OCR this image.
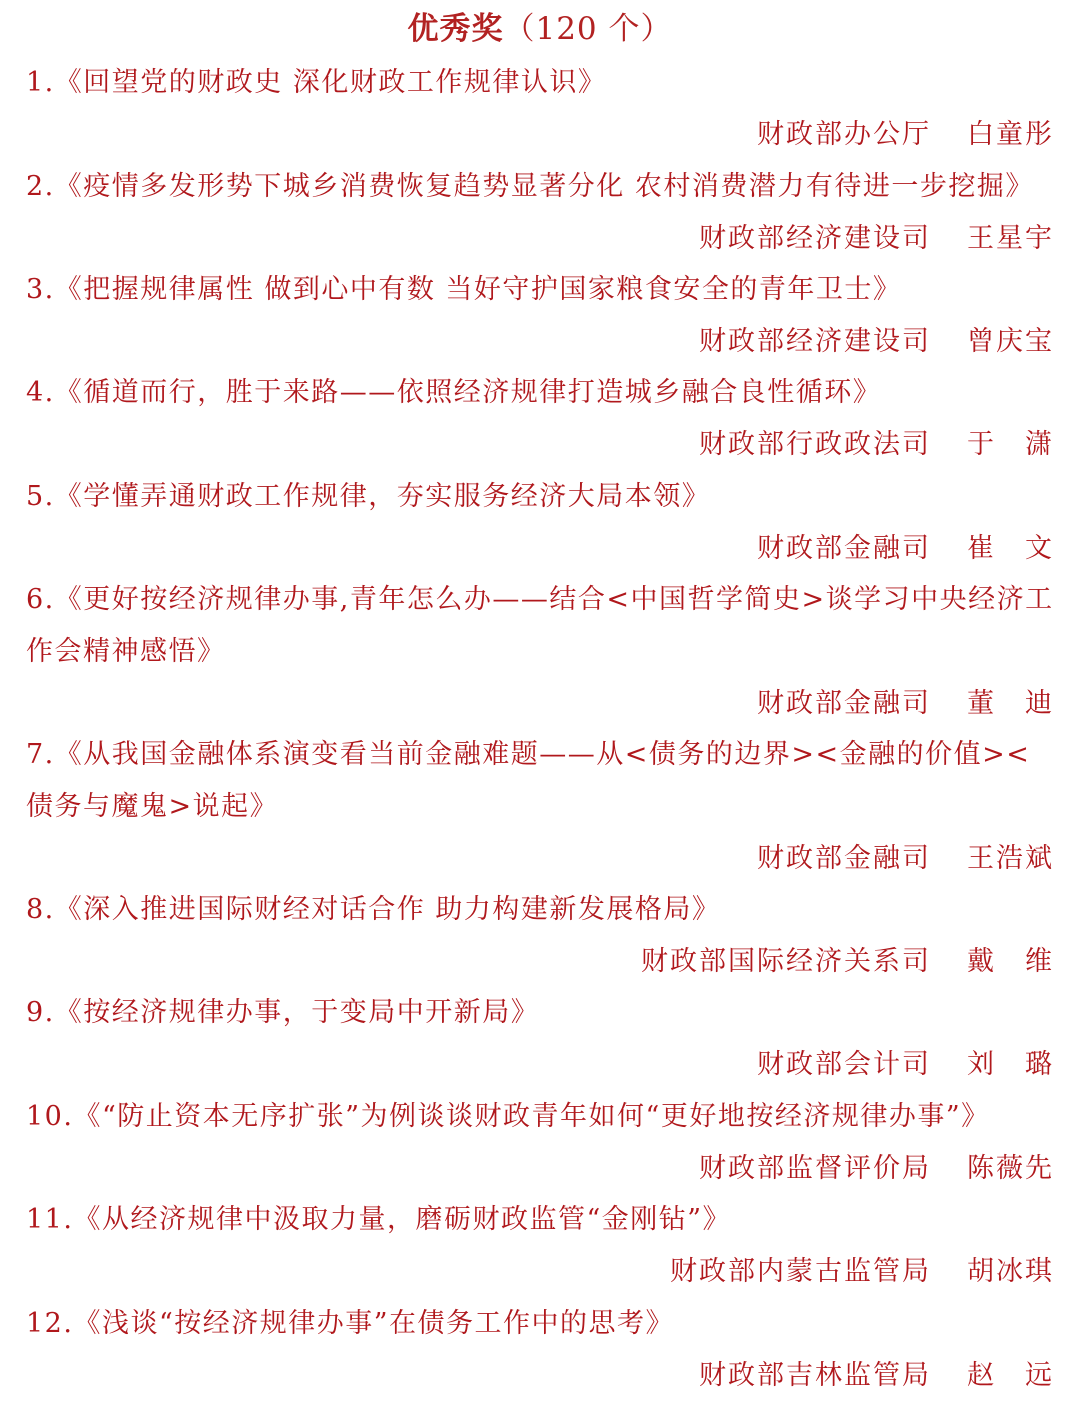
优秀奖（120 个）
1.《回望党的财政史 深化财政工作规律认识》
财政部办公厅 白童彤
2.《疫情多发形势下城乡消费恢复趋势显著分化 农村消费潜力有待进一步挖掘》
财政部经济建设司 王星宇
3.《把握规律属性 做到心中有数 当好守护国家粮食安全的青年卫士》
财政部经济建设司 曾庆宝
4.《循道而行，胜于来路——依照经济规律打造城乡融合良性循环》
财政部行政政法司 于　潇
5.《学懂弄通财政工作规律，夯实服务经济大局本领》
财政部金融司 崔　文
6.《更好按经济规律办事,青年怎么办——结合<中国哲学简史>谈学习中央经济工作会精神感悟》
财政部金融司 董　迪
7.《从我国金融体系演变看当前金融难题——从<债务的边界><金融的价值><债务与魔鬼>说起》
财政部金融司 王浩斌
8.《深入推进国际财经对话合作 助力构建新发展格局》
财政部国际经济关系司 戴　维
9.《按经济规律办事，于变局中开新局》
财政部会计司 刘　璐
10.《“防止资本无序扩张”为例谈谈财政青年如何“更好地按经济规律办事”》
财政部监督评价局 陈薇先
11.《从经济规律中汲取力量，磨砺财政监管“金刚钻”》
财政部内蒙古监管局 胡冰琪
12.《浅谈“按经济规律办事”在债务工作中的思考》
财政部吉林监管局 赵　远
